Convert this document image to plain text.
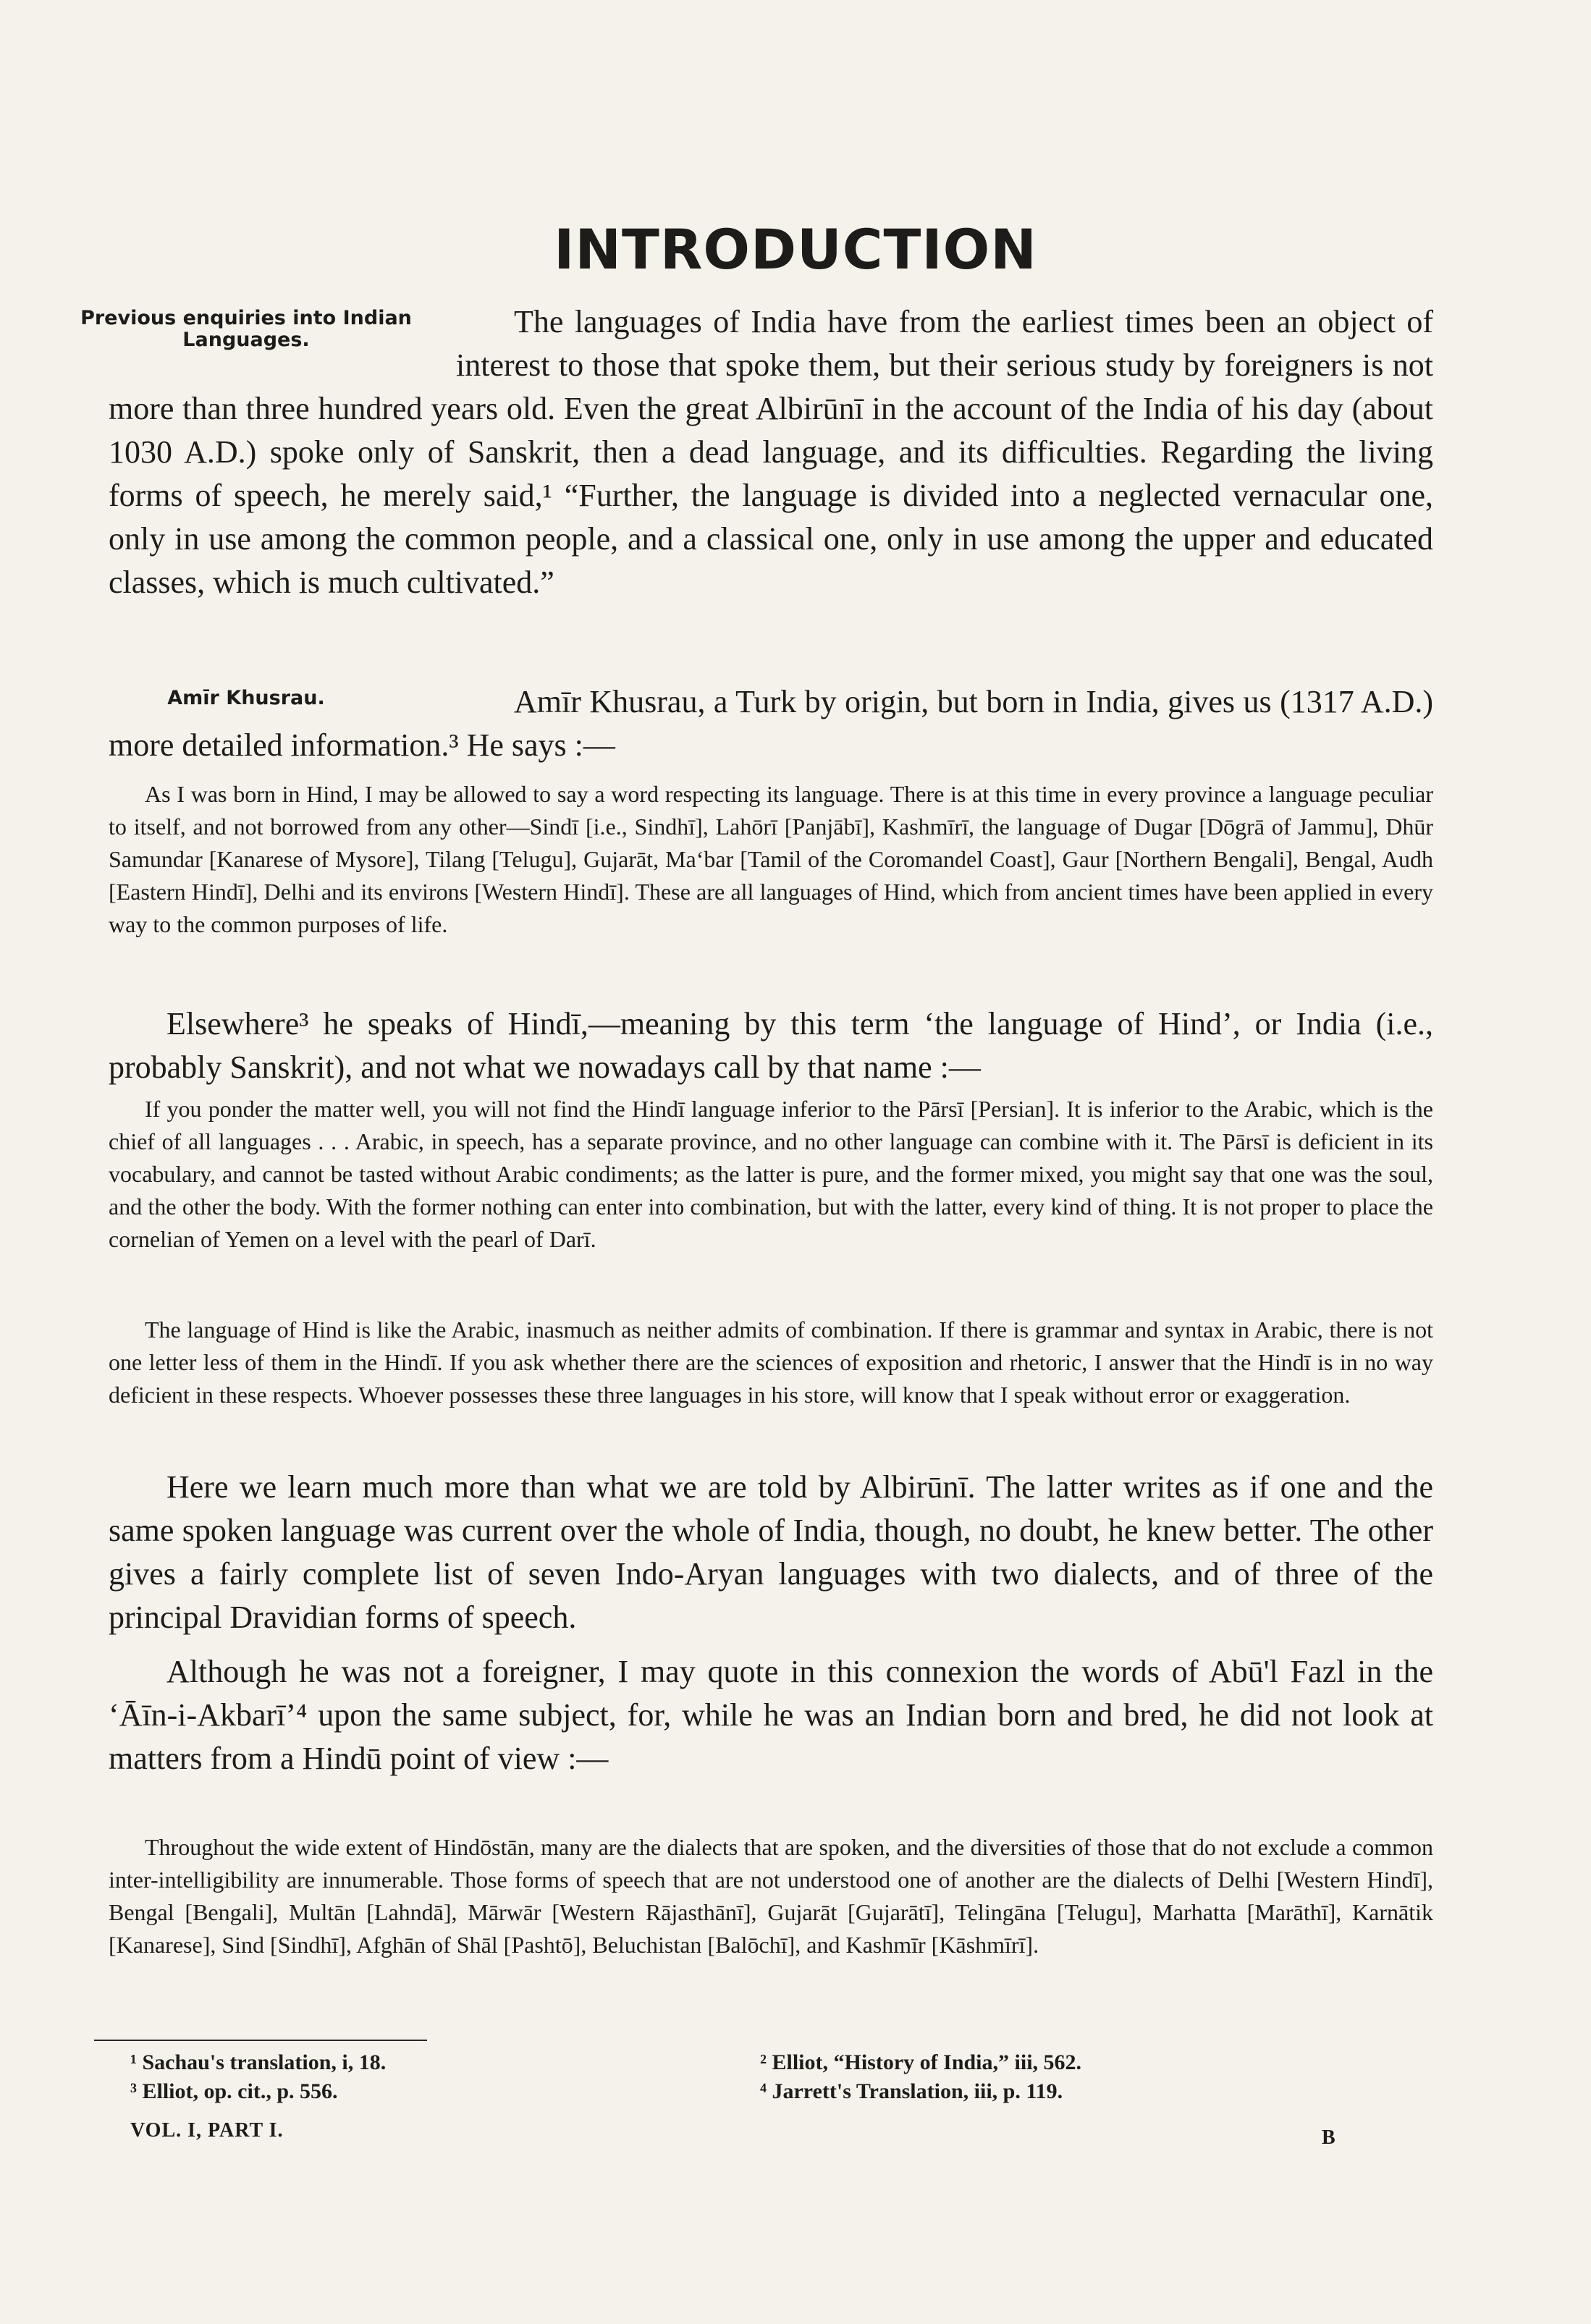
INTRODUCTION

Previous enquiries into Indian Languages.
The languages of India have from the earliest times been an object of interest to those that spoke them, but their serious study by foreigners is not more than three hundred years old. Even the great Albirūnī in the account of the India of his day (about 1030 A.D.) spoke only of Sanskrit, then a dead language, and its difficulties. Regarding the living forms of speech, he merely said,¹ “Further, the language is divided into a neglected vernacular one, only in use among the common people, and a classical one, only in use among the upper and educated classes, which is much cultivated.”

Amīr Khusrau.	Amīr Khusrau, a Turk by origin, but born in India, gives us (1317 A.D.) more detailed information.³ He says :—

As I was born in Hind, I may be allowed to say a word respecting its language. There is at this time in every province a language peculiar to itself, and not borrowed from any other—Sindī [i.e., Sindhī], Lahōrī [Panjābī], Kashmīrī, the language of Dugar [Dōgrā of Jammu], Dhūr Samundar [Kanarese of Mysore], Tilang [Telugu], Gujarāt, Ma‘bar [Tamil of the Coromandel Coast], Gaur [Northern Bengali], Bengal, Audh [Eastern Hindī], Delhi and its environs [Western Hindī]. These are all languages of Hind, which from ancient times have been applied in every way to the common purposes of life.

Elsewhere³ he speaks of Hindī,—meaning by this term ‘the language of Hind’, or India (i.e., probably Sanskrit), and not what we nowadays call by that name :—

If you ponder the matter well, you will not find the Hindī language inferior to the Pārsī [Persian]. It is inferior to the Arabic, which is the chief of all languages . . . Arabic, in speech, has a separate province, and no other language can combine with it. The Pārsī is deficient in its vocabulary, and cannot be tasted without Arabic condiments; as the latter is pure, and the former mixed, you might say that one was the soul, and the other the body. With the former nothing can enter into combination, but with the latter, every kind of thing. It is not proper to place the cornelian of Yemen on a level with the pearl of Darī.

The language of Hind is like the Arabic, inasmuch as neither admits of combination. If there is grammar and syntax in Arabic, there is not one letter less of them in the Hindī. If you ask whether there are the sciences of exposition and rhetoric, I answer that the Hindī is in no way deficient in these respects. Whoever possesses these three languages in his store, will know that I speak without error or exaggeration.

Here we learn much more than what we are told by Albirūnī. The latter writes as if one and the same spoken language was current over the whole of India, though, no doubt, he knew better. The other gives a fairly complete list of seven Indo-Aryan languages with two dialects, and of three of the principal Dravidian forms of speech.

Although he was not a foreigner, I may quote in this connexion the words of Abū'l Fazl in the ‘Āīn-i-Akbarī’⁴ upon the same subject, for, while he was an Indian born and bred, he did not look at matters from a Hindū point of view :—

Throughout the wide extent of Hindōstān, many are the dialects that are spoken, and the diversities of those that do not exclude a common inter-intelligibility are innumerable. Those forms of speech that are not understood one of another are the dialects of Delhi [Western Hindī], Bengal [Bengali], Multān [Lahndā], Mārwār [Western Rājasthānī], Gujarāt [Gujarātī], Telingāna [Telugu], Marhatta [Marāthī], Karnātik [Kanarese], Sind [Sindhī], Afghān of Shāl [Pashtō], Beluchistan [Balōchī], and Kashmīr [Kāshmīrī].

¹ Sachau's translation, i, 18.
³ Elliot, op. cit., p. 556.
² Elliot, “History of India,” iii, 562.
⁴ Jarrett's Translation, iii, p. 119.
VOL. I, PART I.	B
